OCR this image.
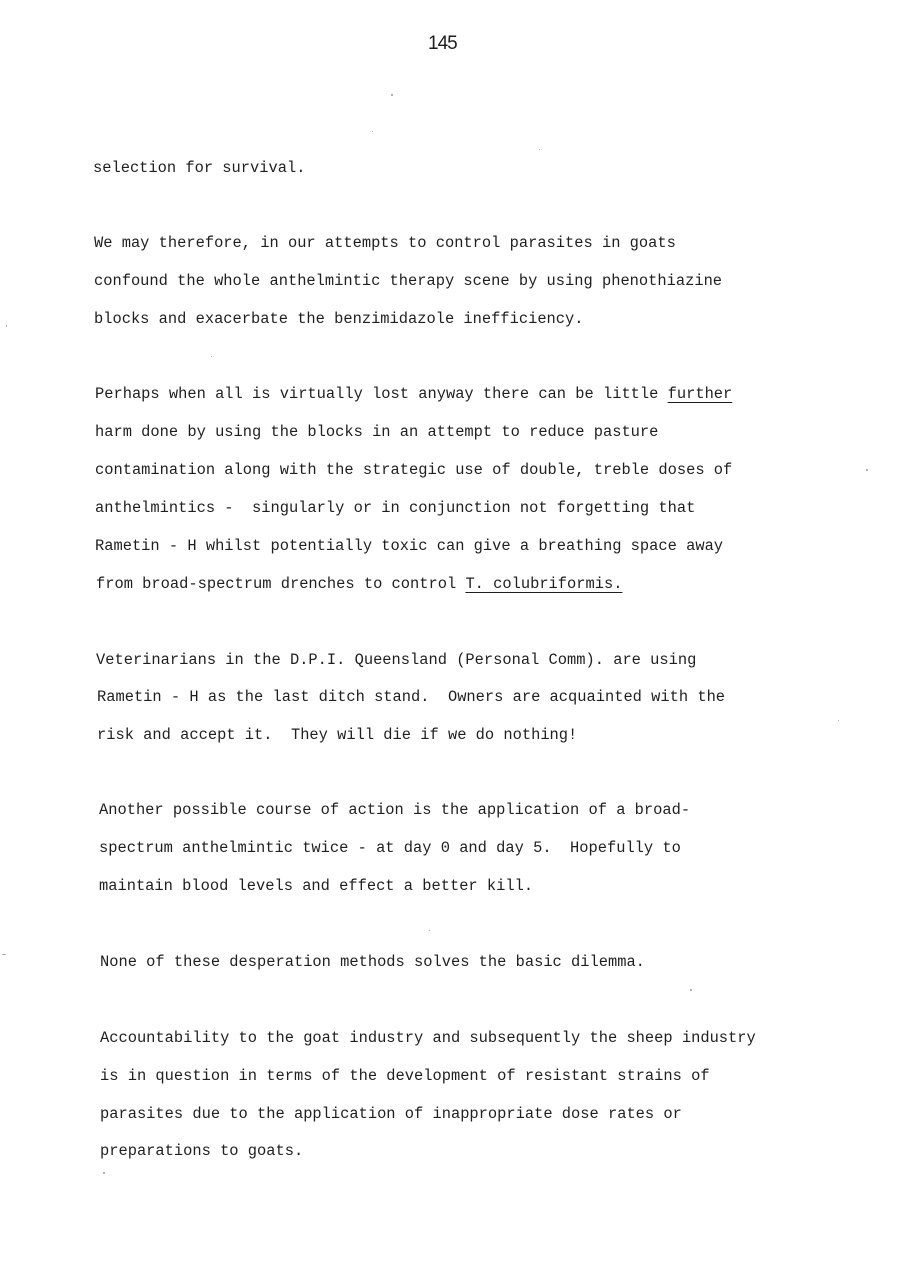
145
selection for survival.
We may therefore, in our attempts to control parasites in goats
confound the whole anthelmintic therapy scene by using phenothiazine
blocks and exacerbate the benzimidazole inefficiency.
Perhaps when all is virtually lost anyway there can be little further
harm done by using the blocks in an attempt to reduce pasture
contamination along with the strategic use of double, treble doses of
anthelmintics -  singularly or in conjunction not forgetting that
Rametin - H whilst potentially toxic can give a breathing space away
from broad-spectrum drenches to control T. colubriformis.
Veterinarians in the D.P.I. Queensland (Personal Comm). are using
Rametin - H as the last ditch stand.  Owners are acquainted with the
risk and accept it.  They will die if we do nothing!
Another possible course of action is the application of a broad-
spectrum anthelmintic twice - at day 0 and day 5.  Hopefully to
maintain blood levels and effect a better kill.
None of these desperation methods solves the basic dilemma.
Accountability to the goat industry and subsequently the sheep industry
is in question in terms of the development of resistant strains of
parasites due to the application of inappropriate dose rates or
preparations to goats.
